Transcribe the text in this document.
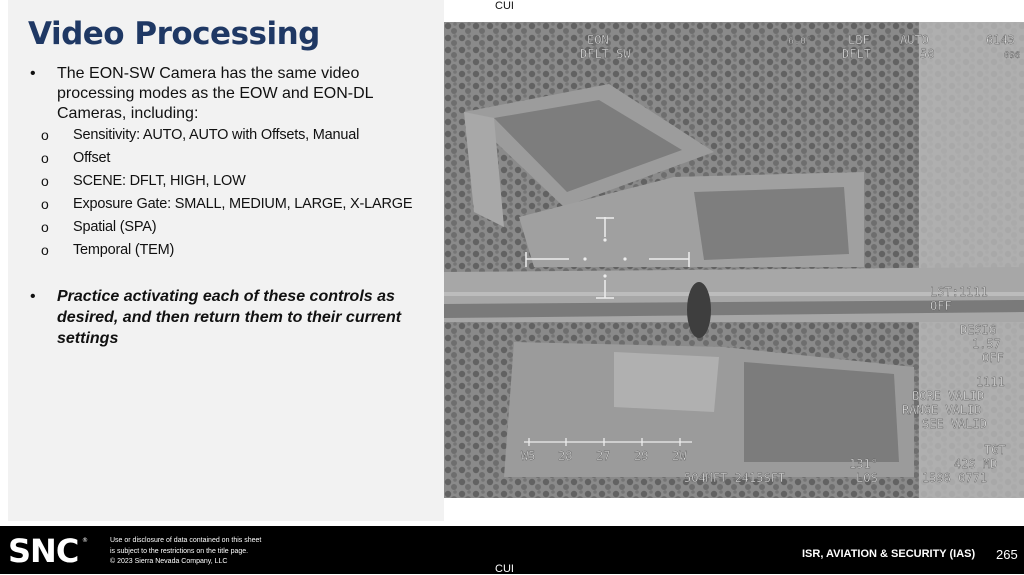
Video Processing
CUI
• The EON-SW Camera has the same video processing modes as the EOW and EON-DL Cameras, including:
o Sensitivity: AUTO, AUTO with Offsets, Manual
o Offset
o SCENE: DFLT, HIGH, LOW
o Exposure Gate: SMALL, MEDIUM, LARGE, X-LARGE
o Spatial (SPA)
o Temporal (TEM)
• Practice activating each of these controls as desired, and then return them to their current settings
EON
DFLT SW
6.0°	LBF
DFLT
AUTO
58
6143
096
LST:1111
OFF
DESIG
1.57
OFF
1111
BORE VALID
RANGE VALID
SEE VALID
TGT
42S MD
1598 0771
W5 28 27 29 2W
504MFT 2415SFT
131°
LOS
SNC ®	Use or disclosure of data contained on this sheet
is subject to the restrictions on the title page.
© 2023 Sierra Nevada Company, LLC
ISR, AVIATION & SECURITY (IAS) 265
CUI
